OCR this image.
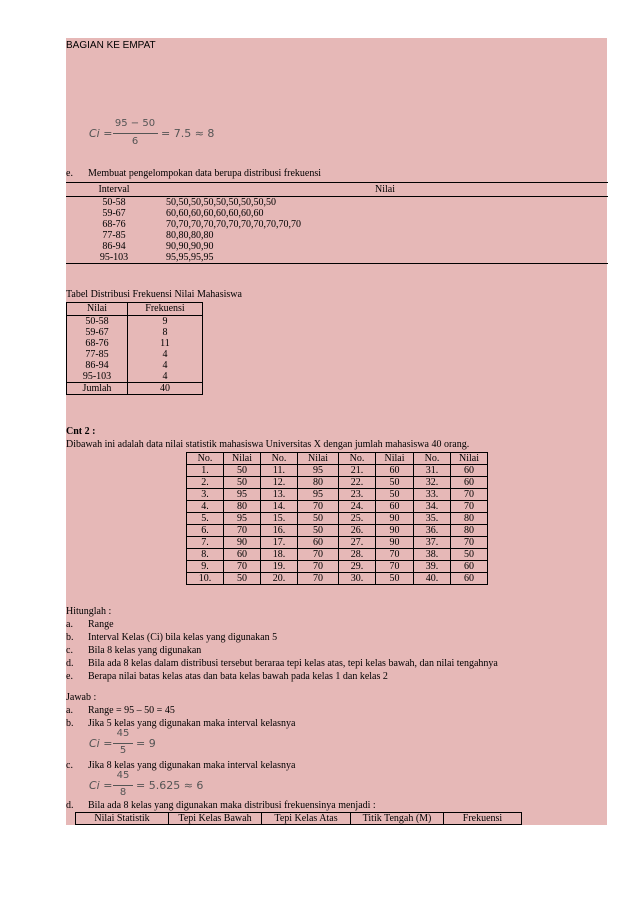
BAGIAN KE EMPAT
Ci =
95 − 50
6
= 7.5 ≈ 8
e. Membuat pengelompokan data berupa distribusi frekuensi
Interval	Nilai
50-58	50,50,50,50,50,50,50,50,50
59-67	60,60,60,60,60,60,60,60
68-76	70,70,70,70,70,70,70,70,70,70,70
77-85	80,80,80,80
86-94	90,90,90,90
95-103	95,95,95,95
Tabel Distribusi Frekuensi Nilai Mahasiswa
Nilai	Frekuensi
50-58	9
59-67	8
68-76	11
77-85	4
86-94	4
95-103	4
Jumlah	40
Cnt 2 :
Dibawah ini adalah data nilai statistik mahasiswa Universitas X dengan jumlah mahasiswa 40 orang.
No.	Nilai	No.	Nilai	No.	Nilai	No.	Nilai
1.	50	11.	95	21.	60	31.	60
2.	50	12.	80	22.	50	32.	60
3.	95	13.	95	23.	50	33.	70
4.	80	14.	70	24.	60	34.	70
5.	95	15.	50	25.	90	35.	80
6.	70	16.	50	26.	90	36.	80
7.	90	17.	60	27.	90	37.	70
8.	60	18.	70	28.	70	38.	50
9.	70	19.	70	29.	70	39.	60
10.	50	20.	70	30.	50	40.	60
Hitunglah :
a. Range
b. Interval Kelas (Ci) bila kelas yang digunakan 5
c. Bila 8 kelas yang digunakan
d. Bila ada 8 kelas dalam distribusi tersebut beraraa tepi kelas atas, tepi kelas bawah, dan nilai tengahnya
e. Berapa nilai batas kelas atas dan bata kelas bawah pada kelas 1 dan kelas 2
Jawab :
a. Range = 95 – 50 = 45
b. Jika 5 kelas yang digunakan maka interval kelasnya
Ci =
45
5
= 9
c. Jika 8 kelas yang digunakan maka interval kelasnya
Ci =
45
8
= 5.625 ≈ 6
d. Bila ada 8 kelas yang digunakan maka distribusi frekuensinya menjadi :
Nilai Statistik	Tepi Kelas Bawah	Tepi Kelas Atas	Titik Tengah (M)	Frekuensi
